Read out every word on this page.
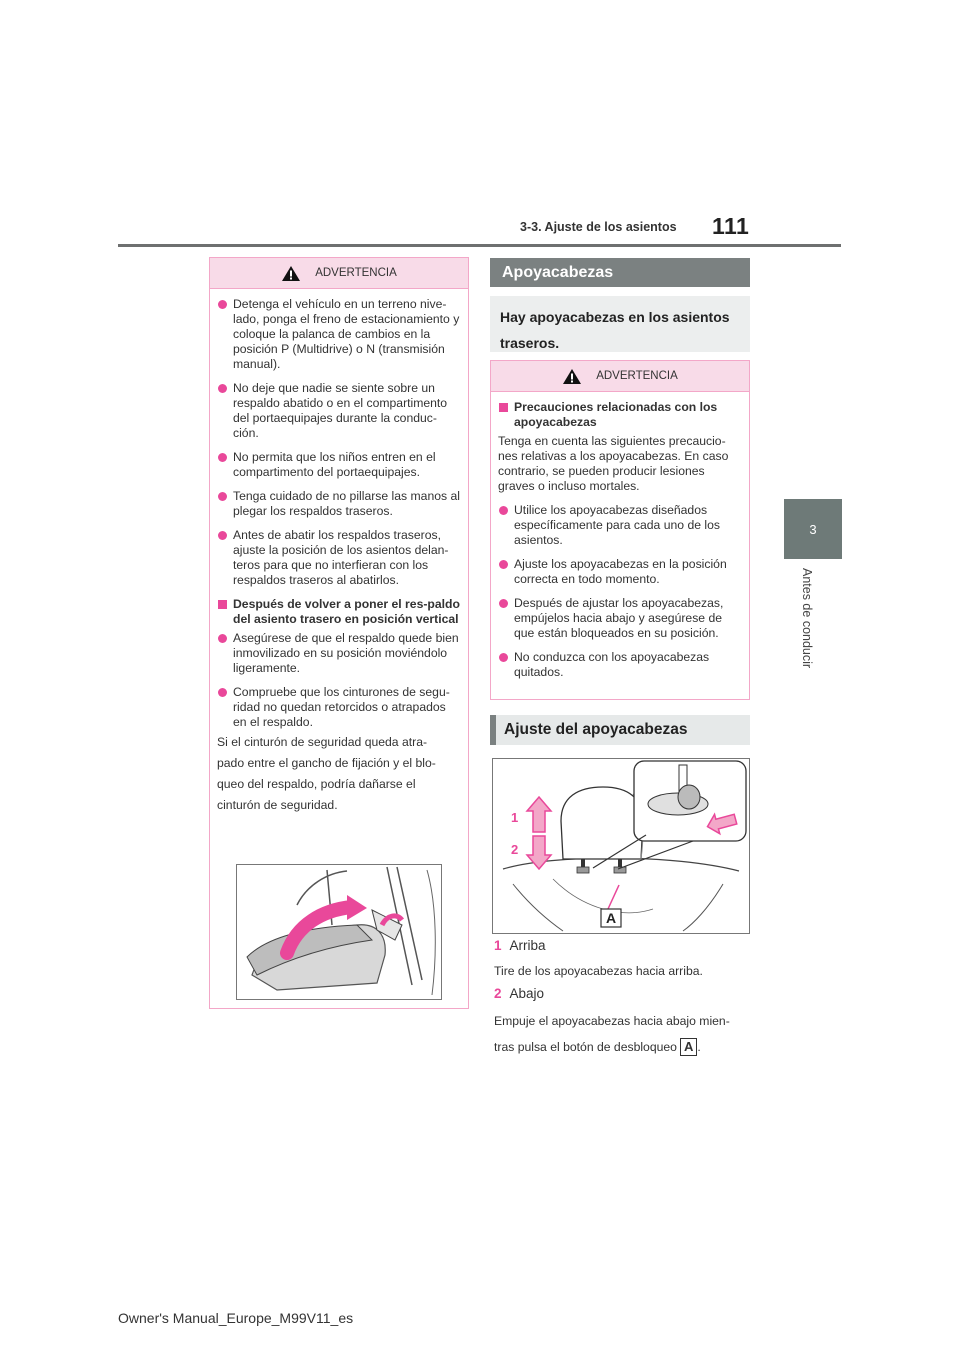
3-3. Ajuste de los asientos 111
3
Antes de conducir
ADVERTENCIA
Detenga el vehículo en un terreno nive-lado, ponga el freno de estacionamiento y coloque la palanca de cambios en la posición P (Multidrive) o N (transmisión manual).
No deje que nadie se siente sobre un respaldo abatido o en el compartimento del portaequipajes durante la conduc-ción.
No permita que los niños entren en el compartimento del portaequipajes.
Tenga cuidado de no pillarse las manos al plegar los respaldos traseros.
Antes de abatir los respaldos traseros, ajuste la posición de los asientos delan-teros para que no interfieran con los respaldos traseros al abatirlos.
Después de volver a poner el res-paldo del asiento trasero en posición vertical
Asegúrese de que el respaldo quede bien inmovilizado en su posición moviéndolo ligeramente.
Compruebe que los cinturones de segu-ridad no quedan retorcidos o atrapados en el respaldo.
Si el cinturón de seguridad queda atra-
pado entre el gancho de fijación y el blo-
queo del respaldo, podría dañarse el
cinturón de seguridad.
Apoyacabezas
Hay apoyacabezas en los asientos
traseros.
ADVERTENCIA
Precauciones relacionadas con los apoyacabezas
Tenga en cuenta las siguientes precaucio-nes relativas a los apoyacabezas. En caso contrario, se pueden producir lesiones graves o incluso mortales.
Utilice los apoyacabezas diseñados específicamente para cada uno de los asientos.
Ajuste los apoyacabezas en la posición correcta en todo momento.
Después de ajustar los apoyacabezas, empújelos hacia abajo y asegúrese de que están bloqueados en su posición.
No conduzca con los apoyacabezas quitados.
Ajuste del apoyacabezas
1
2
A
1 Arriba
Tire de los apoyacabezas hacia arriba.
2 Abajo
Empuje el apoyacabezas hacia abajo mien-
tras pulsa el botón de desbloqueo A .
Owner's Manual_Europe_M99V11_es
